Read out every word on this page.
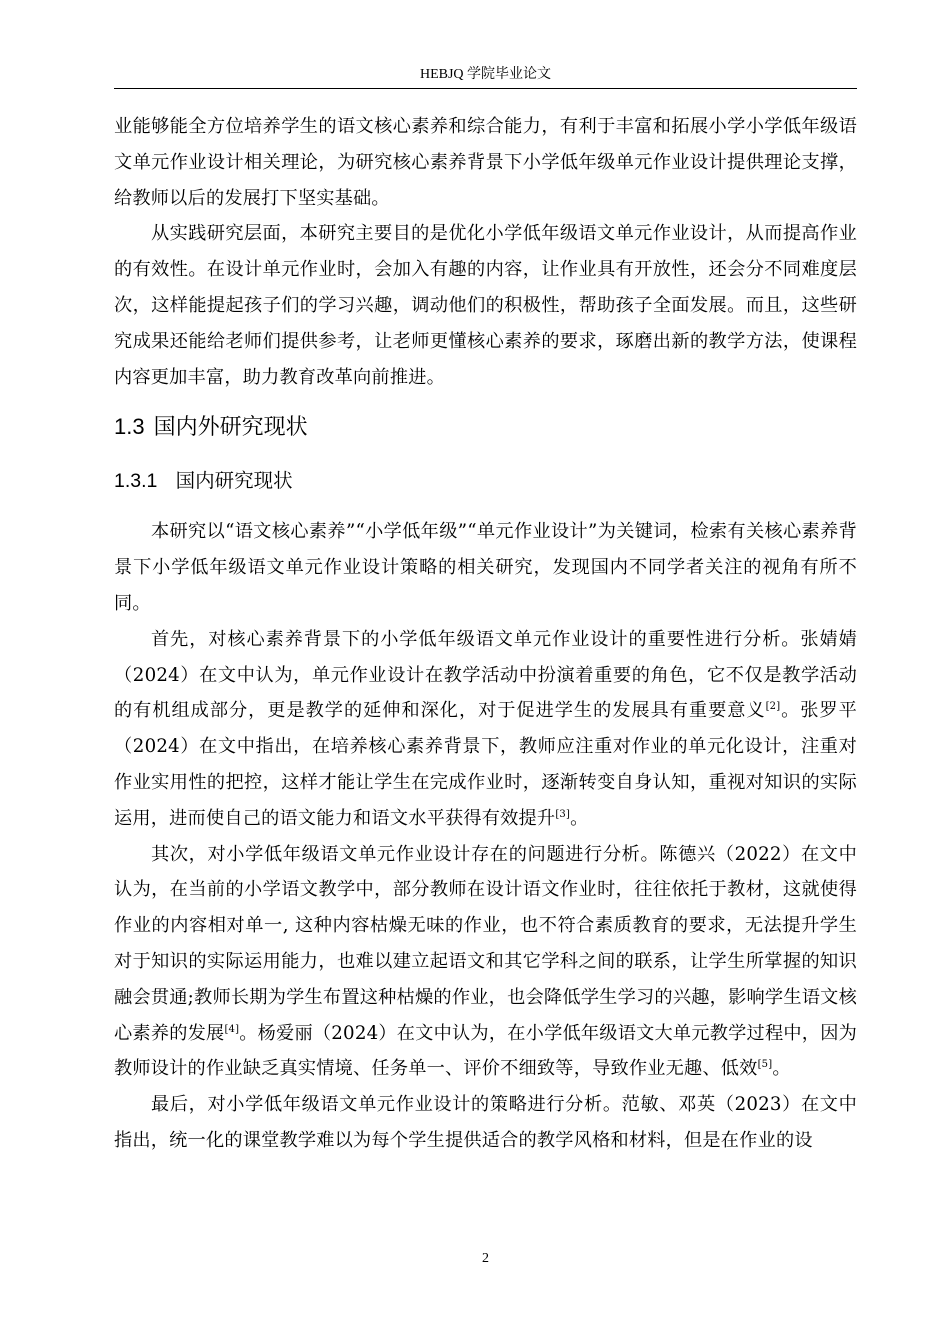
HEBJQ 学院毕业论文

业能够能全方位培养学生的语文核心素养和综合能力，有利于丰富和拓展小学小学低年级语文单元作业设计相关理论，为研究核心素养背景下小学低年级单元作业设计提供理论支撑，给教师以后的发展打下坚实基础。

从实践研究层面，本研究主要目的是优化小学低年级语文单元作业设计，从而提高作业的有效性。在设计单元作业时，会加入有趣的内容，让作业具有开放性，还会分不同难度层次，这样能提起孩子们的学习兴趣，调动他们的积极性，帮助孩子全面发展。而且，这些研究成果还能给老师们提供参考，让老师更懂核心素养的要求，琢磨出新的教学方法，使课程内容更加丰富，助力教育改革向前推进。

1.3 国内外研究现状
1.3.1 国内研究现状

本研究以“语文核心素养”“小学低年级”“单元作业设计”为关键词，检索有关核心素养背景下小学低年级语文单元作业设计策略的相关研究，发现国内不同学者关注的视角有所不同。

首先，对核心素养背景下的小学低年级语文单元作业设计的重要性进行分析。张婧婧（2024）在文中认为，单元作业设计在教学活动中扮演着重要的角色，它不仅是教学活动的有机组成部分，更是教学的延伸和深化，对于促进学生的发展具有重要意义[2]。张罗平（2024）在文中指出，在培养核心素养背景下，教师应注重对作业的单元化设计，注重对作业实用性的把控，这样才能让学生在完成作业时，逐渐转变自身认知，重视对知识的实际运用，进而使自己的语文能力和语文水平获得有效提升[3]。

其次，对小学低年级语文单元作业设计存在的问题进行分析。陈德兴（2022）在文中认为，在当前的小学语文教学中，部分教师在设计语文作业时，往往依托于教材，这就使得作业的内容相对单一, 这种内容枯燥无味的作业，也不符合素质教育的要求，无法提升学生对于知识的实际运用能力，也难以建立起语文和其它学科之间的联系，让学生所掌握的知识融会贯通;教师长期为学生布置这种枯燥的作业，也会降低学生学习的兴趣，影响学生语文核心素养的发展[4]。杨爱丽（2024）在文中认为，在小学低年级语文大单元教学过程中，因为教师设计的作业缺乏真实情境、任务单一、评价不细致等，导致作业无趣、低效[5]。

最后，对小学低年级语文单元作业设计的策略进行分析。范敏、邓英（2023）在文中指出，统一化的课堂教学难以为每个学生提供适合的教学风格和材料，但是在作业的设

2
